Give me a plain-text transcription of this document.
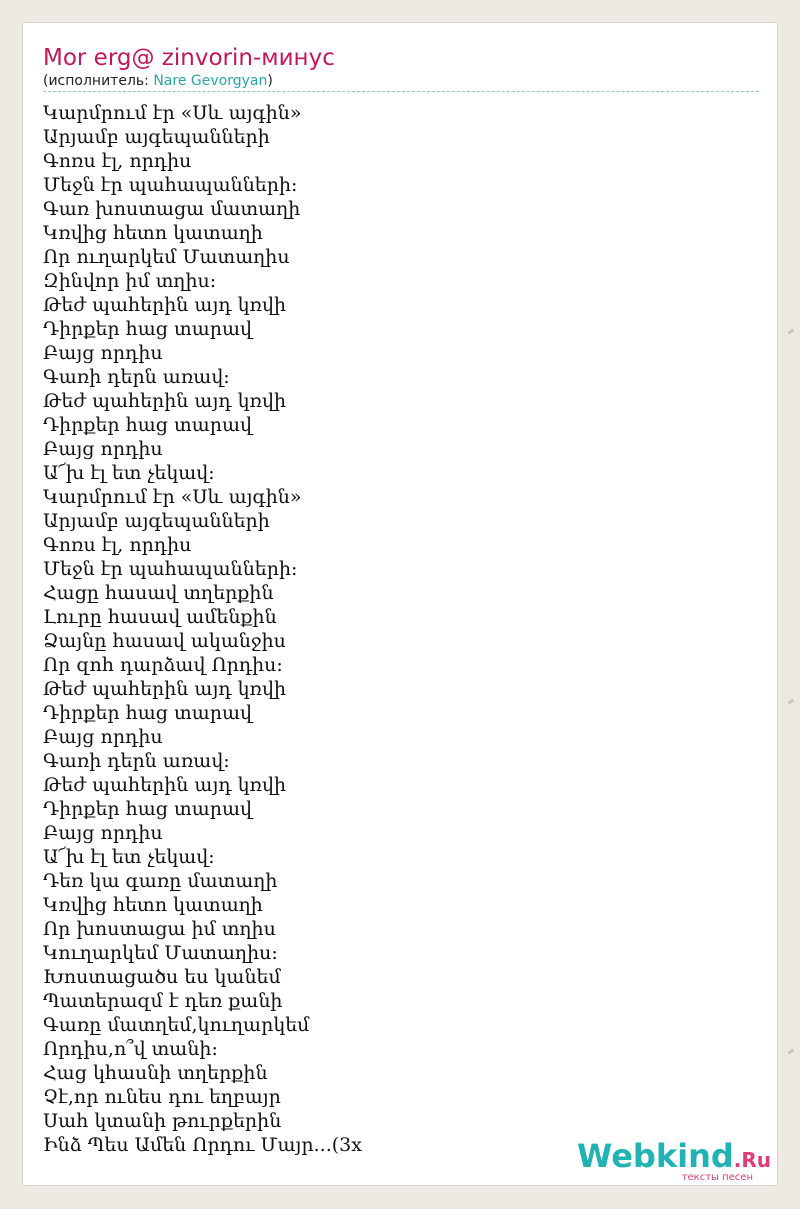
Mor erg@ zinvorin-минус
(исполнитель: Nare Gevorgyan)
Կարմրում էր «Սև այգին»
Արյամբ այգեպանների
Գոռս էլ, որդիս
Մեջն էր պահապանների:
Գառ խոստացա մատաղի
Կռվից հետո կատաղի
Որ ուղարկեմ Մատաղիս
Զինվոր իմ տղիս:
Թեժ պահերին այդ կռվի
Դիրքեր հաց տարավ
Բայց որդիս
Գառի դերն առավ:
Թեժ պահերին այդ կռվի
Դիրքեր հաց տարավ
Բայց որդիս
Ա՜խ էլ ետ չեկավ:
Կարմրում էր «Սև այգին»
Արյամբ այգեպանների
Գոռս էլ, որդիս
Մեջն էր պահապանների:
Հացը հասավ տղերքին
Լուրը հասավ ամենքին
Ձայնը հասավ ականջիս
Որ զոհ դարձավ Որդիս:
Թեժ պահերին այդ կռվի
Դիրքեր հաց տարավ
Բայց որդիս
Գառի դերն առավ:
Թեժ պահերին այդ կռվի
Դիրքեր հաց տարավ
Բայց որդիս
Ա՜խ էլ ետ չեկավ:
Դեռ կա գառը մատաղի
Կռվից հետո կատաղի
Որ խոստացա իմ տղիս
Կուղարկեմ Մատաղիս:
Խոստացածս ես կանեմ
Պատերազմ է դեռ քանի
Գառը մատղեմ,կուղարկեմ
Որդիս,ո՞վ տանի:
Հաց կհասնի տղերքին
Չէ,որ ունես դու եղբայր
Սահ կտանի թուրքերին
Ինձ Պես Ամեն Որդու Մայր...(3x	Webkind.Ru
тексты песен
